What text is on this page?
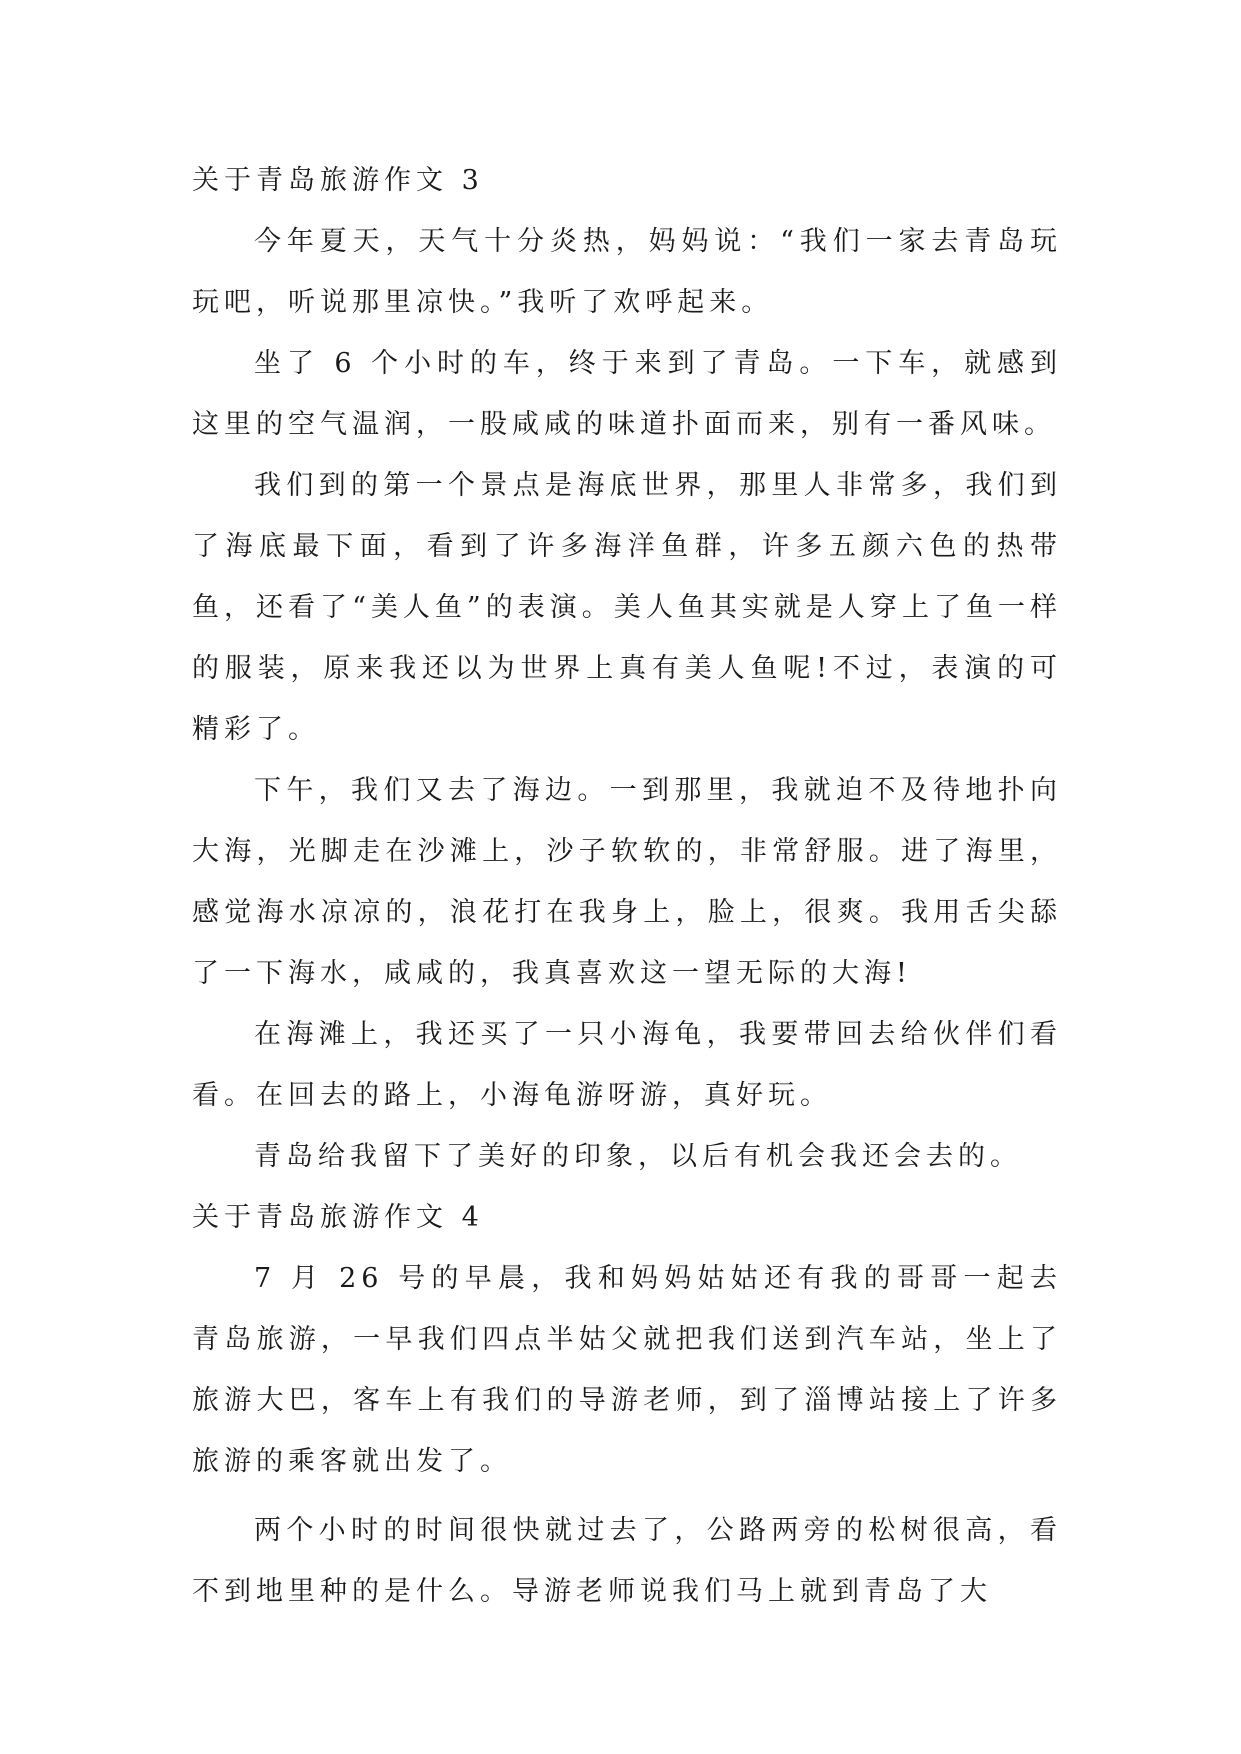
关于青岛旅游作文 3

今年夏天，天气十分炎热，妈妈说：“我们一家去青岛玩玩吧，听说那里凉快。”我听了欢呼起来。

坐了 6 个小时的车，终于来到了青岛。一下车，就感到这里的空气温润，一股咸咸的味道扑面而来，别有一番风味。

我们到的第一个景点是海底世界，那里人非常多，我们到了海底最下面，看到了许多海洋鱼群，许多五颜六色的热带鱼，还看了“美人鱼”的表演。美人鱼其实就是人穿上了鱼一样的服装，原来我还以为世界上真有美人鱼呢!不过，表演的可精彩了。

下午，我们又去了海边。一到那里，我就迫不及待地扑向大海，光脚走在沙滩上，沙子软软的，非常舒服。进了海里，感觉海水凉凉的，浪花打在我身上，脸上，很爽。我用舌尖舔了一下海水，咸咸的，我真喜欢这一望无际的大海!

在海滩上，我还买了一只小海龟，我要带回去给伙伴们看看。在回去的路上，小海龟游呀游，真好玩。

青岛给我留下了美好的印象，以后有机会我还会去的。

关于青岛旅游作文 4

7 月 26 号的早晨，我和妈妈姑姑还有我的哥哥一起去青岛旅游，一早我们四点半姑父就把我们送到汽车站，坐上了旅游大巴，客车上有我们的导游老师，到了淄博站接上了许多旅游的乘客就出发了。

两个小时的时间很快就过去了，公路两旁的松树很高，看不到地里种的是什么。导游老师说我们马上就到青岛了大
